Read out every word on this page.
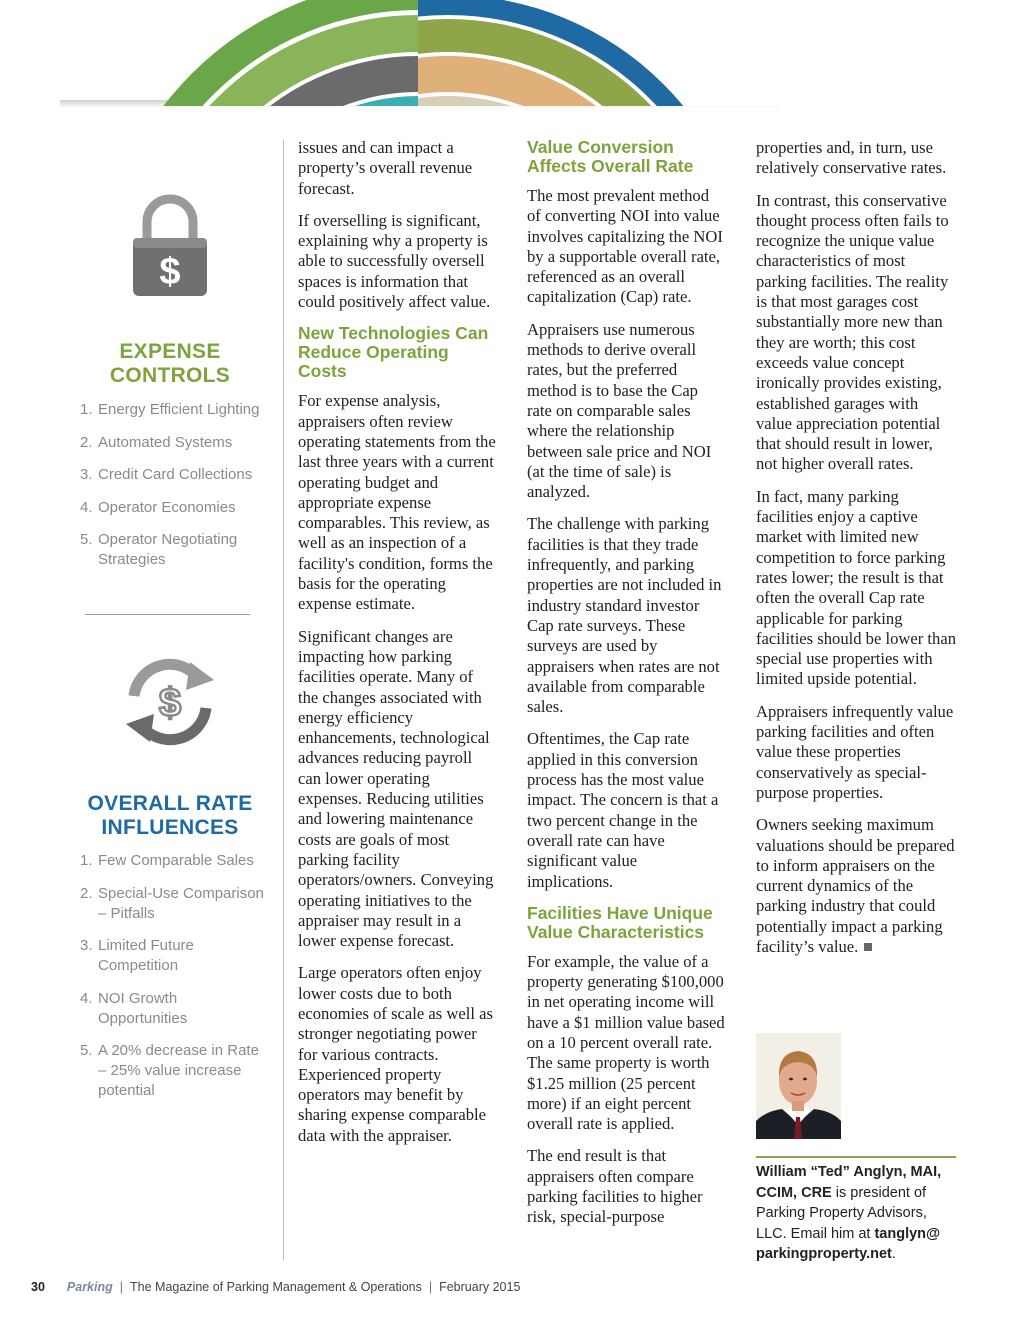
$
EXPENSE
CONTROLS
1. Energy Efficient Lighting
2. Automated Systems
3. Credit Card Collections
4. Operator Economies
5. Operator Negotiating Strategies
$
OVERALL RATE
INFLUENCES
1. Few Comparable Sales
2. Special-Use Comparison – Pitfalls
3. Limited Future Competition
4. NOI Growth Opportunities
5. A 20% decrease in Rate – 25% value increase potential

issues and can impact a property’s overall revenue forecast.

If overselling is significant, explaining why a property is able to successfully oversell spaces is information that could positively affect value.

New Technologies Can Reduce Operating Costs

For expense analysis, appraisers often review operating statements from the last three years with a current operating budget and appropriate expense comparables. This review, as well as an inspection of a facility's condition, forms the basis for the operating expense estimate.

Significant changes are impacting how parking facilities operate. Many of the changes associated with energy efficiency enhancements, technological advances reducing payroll can lower operating expenses. Reducing utilities and lowering maintenance costs are goals of most parking facility operators/owners. Conveying operating initiatives to the appraiser may result in a lower expense forecast.

Large operators often enjoy lower costs due to both economies of scale as well as stronger negotiating power for various contracts. Experienced property operators may benefit by sharing expense comparable data with the appraiser.

Value Conversion Affects Overall Rate

The most prevalent method of converting NOI into value involves capitalizing the NOI by a supportable overall rate, referenced as an overall capitalization (Cap) rate.

Appraisers use numerous methods to derive overall rates, but the preferred method is to base the Cap rate on comparable sales where the relationship between sale price and NOI (at the time of sale) is analyzed.

The challenge with parking facilities is that they trade infrequently, and parking properties are not included in industry standard investor Cap rate surveys. These surveys are used by appraisers when rates are not available from comparable sales.

Oftentimes, the Cap rate applied in this conversion process has the most value impact. The concern is that a two percent change in the overall rate can have significant value implications.

Facilities Have Unique Value Characteristics

For example, the value of a property generating $100,000 in net operating income will have a $1 million value based on a 10 percent overall rate. The same property is worth $1.25 million (25 percent more) if an eight percent overall rate is applied.

The end result is that appraisers often compare parking facilities to higher risk, special-purpose

properties and, in turn, use relatively conservative rates.

In contrast, this conservative thought process often fails to recognize the unique value characteristics of most parking facilities. The reality is that most garages cost substantially more new than they are worth; this cost exceeds value concept ironically provides existing, established garages with value appreciation potential that should result in lower, not higher overall rates.

In fact, many parking facilities enjoy a captive market with limited new competition to force parking rates lower; the result is that often the overall Cap rate applicable for parking facilities should be lower than special use properties with limited upside potential.

Appraisers infrequently value parking facilities and often value these properties conservatively as special-purpose properties.

Owners seeking maximum valuations should be prepared to inform appraisers on the current dynamics of the parking industry that could potentially impact a parking facility’s value.

William “Ted” Anglyn, MAI, CCIM, CRE is president of Parking Property Advisors, LLC. Email him at tanglyn@ parkingproperty.net.
30 Parking | The Magazine of Parking Management & Operations | February 2015
